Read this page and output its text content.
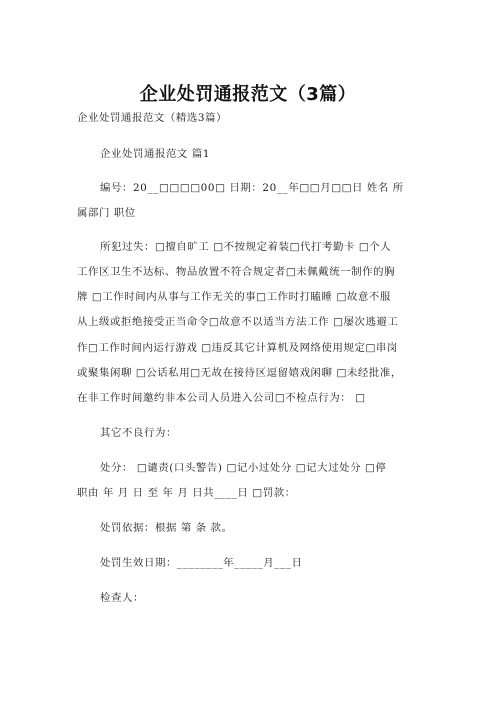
企业处罚通报范文（3篇）
企业处罚通报范文（精选3篇）
企业处罚通报范文 篇1
编号：20__□□□□00□ 日期：20__年□□月□□日 姓名 所
属部门 职位
所犯过失：□擅自旷工 □不按规定着装□代打考勤卡 □个人
工作区卫生不达标、物品放置不符合规定者□未佩戴统一制作的胸
牌 □工作时间内从事与工作无关的事□工作时打瞌睡 □故意不服
从上级或拒绝接受正当命令□故意不以适当方法工作 □屡次逃避工
作□工作时间内运行游戏 □违反其它计算机及网络使用规定□串岗
或聚集闲聊 □公话私用□无故在接待区逗留嬉戏闲聊 □未经批准，
在非工作时间邀约非本公司人员进入公司□不检点行为： □
其它不良行为：
处分： □谴责(口头警告) □记小过处分 □记大过处分 □停
职由 年 月 日 至 年 月 日共____日 □罚款：
处罚依据：根据 第 条 款。
处罚生效日期：________年_____月___日
检查人：
